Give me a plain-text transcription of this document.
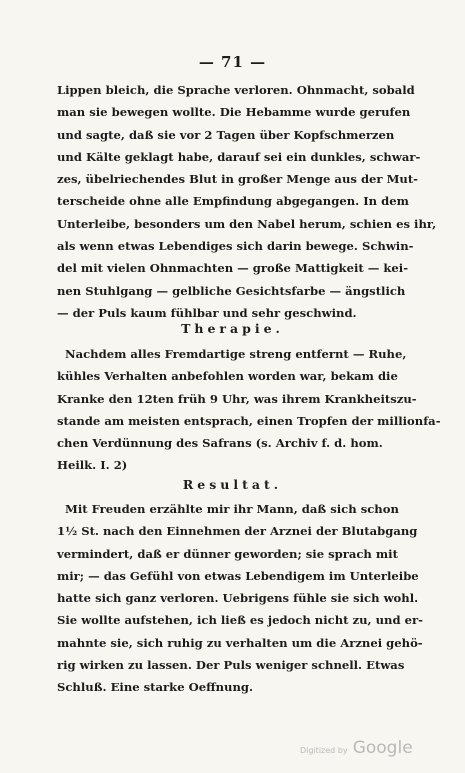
— 71 —
Lippen bleich, die Sprache verloren. Ohnmacht, sobald
man sie bewegen wollte. Die Hebamme wurde gerufen
und sagte, daß sie vor 2 Tagen über Kopfschmerzen
und Kälte geklagt habe, darauf sei ein dunkles, schwar-
zes, übelriechendes Blut in großer Menge aus der Mut-
terscheide ohne alle Empfindung abgegangen. In dem
Unterleibe, besonders um den Nabel herum, schien es ihr,
als wenn etwas Lebendiges sich darin bewege. Schwin-
del mit vielen Ohnmachten — große Mattigkeit — kei-
nen Stuhlgang — gelbliche Gesichtsfarbe — ängstlich
— der Puls kaum fühlbar und sehr geschwind.
Therapie.
Nachdem alles Fremdartige streng entfernt — Ruhe,
kühles Verhalten anbefohlen worden war, bekam die
Kranke den 12ten früh 9 Uhr, was ihrem Krankheitszu-
stande am meisten entsprach, einen Tropfen der millionfa-
chen Verdünnung des Safrans (s. Archiv f. d. hom.
Heilk. I. 2)
Resultat.
Mit Freuden erzählte mir ihr Mann, daß sich schon
1½ St. nach den Einnehmen der Arznei der Blutabgang
vermindert, daß er dünner geworden; sie sprach mit
mir; — das Gefühl von etwas Lebendigem im Unterleibe
hatte sich ganz verloren. Uebrigens fühle sie sich wohl.
Sie wollte aufstehen, ich ließ es jedoch nicht zu, und er-
mahnte sie, sich ruhig zu verhalten um die Arznei gehö-
rig wirken zu lassen. Der Puls weniger schnell. Etwas
Schluß. Eine starke Oeffnung.
Digitized by Google
